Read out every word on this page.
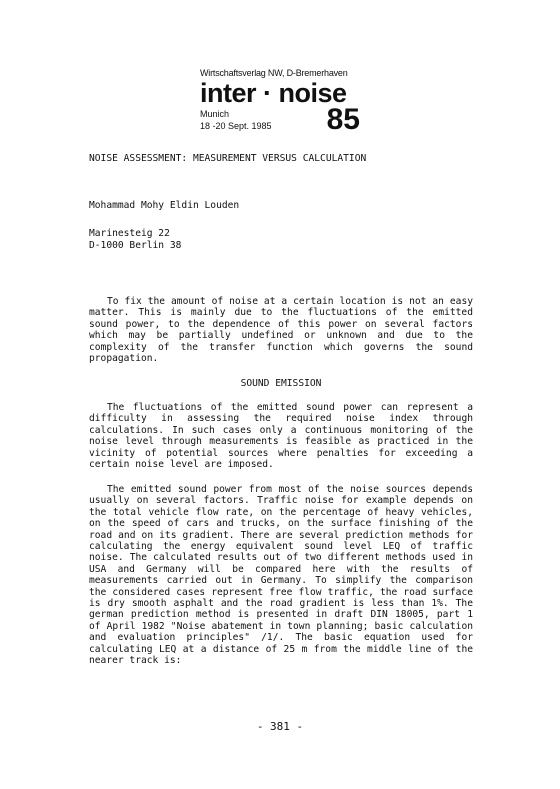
Wirtschaftsverlag NW, D-Bremerhaven
inter · noise
Munich
18 -20 Sept. 1985 85
NOISE ASSESSMENT: MEASUREMENT VERSUS CALCULATION
Mohammad Mohy Eldin Louden
Marinesteig 22
D-1000 Berlin 38
To fix the amount of noise at a certain location is not an easy matter. This is mainly due to the fluctuations of the emitted sound power, to the dependence of this power on several factors which may be partially undefined or unknown and due to the complexity of the transfer function which governs the sound propagation.
SOUND EMISSION
The fluctuations of the emitted sound power can represent a difficulty in assessing the required noise index through calculations. In such cases only a continuous monitoring of the noise level through measurements is feasible as practiced in the vicinity of potential sources where penalties for exceeding a certain noise level are imposed.
The emitted sound power from most of the noise sources depends usually on several factors. Traffic noise for example depends on the total vehicle flow rate, on the percentage of heavy vehicles, on the speed of cars and trucks, on the surface finishing of the road and on its gradient. There are several prediction methods for calculating the energy equivalent sound level LEQ of traffic noise. The calculated results out of two different methods used in USA and Germany will be compared here with the results of measurements carried out in Germany. To simplify the comparison the considered cases represent free flow traffic, the road surface is dry smooth asphalt and the road gradient is less than 1%. The german prediction method is presented in draft DIN 18005, part 1 of April 1982 "Noise abatement in town planning; basic calculation and evaluation principles" /1/. The basic equation used for calculating LEQ at a distance of 25 m from the middle line of the nearer track is:
- 381 -
